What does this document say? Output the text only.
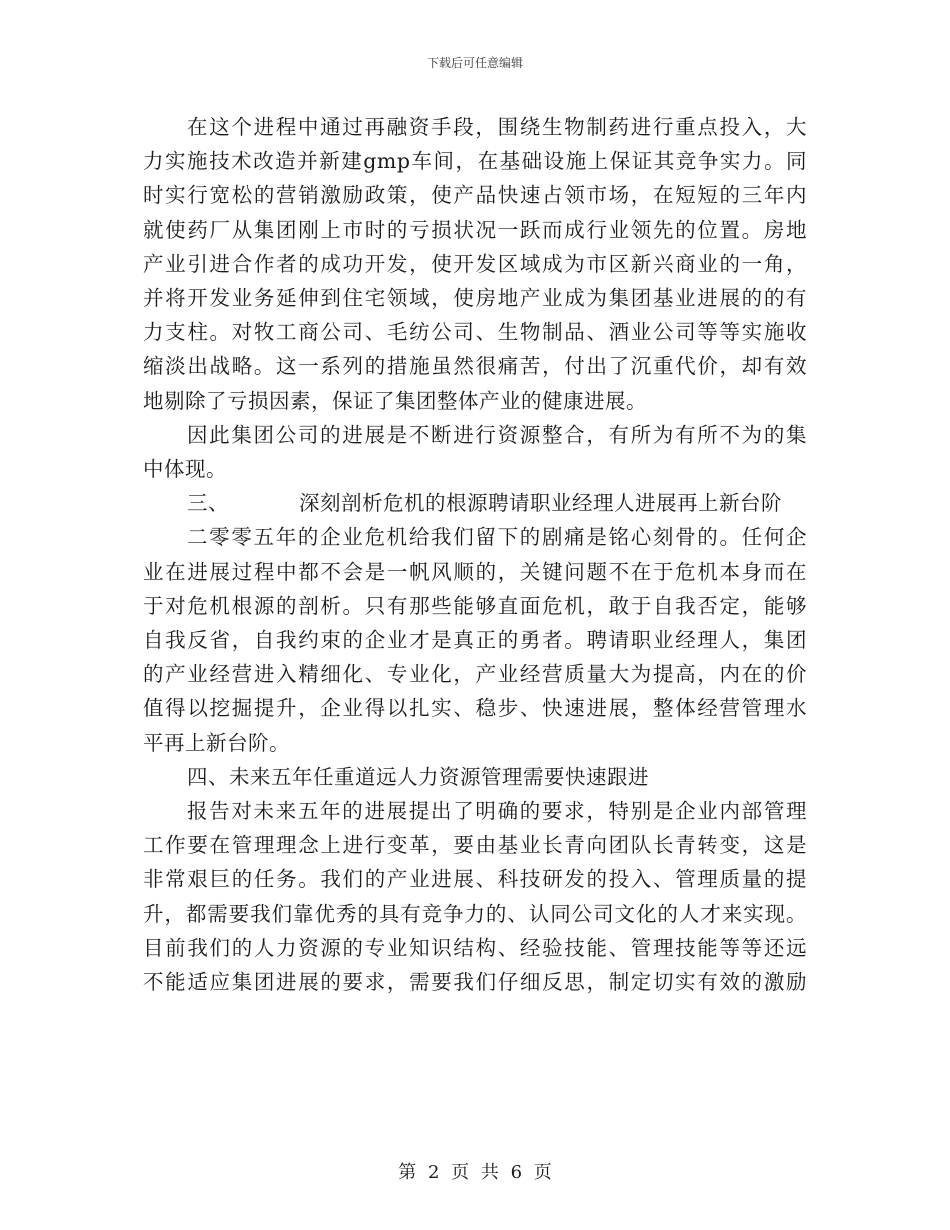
下载后可任意编辑
在这个进程中通过再融资手段，围绕生物制药进行重点投入，大
力实施技术改造并新建gmp车间，在基础设施上保证其竞争实力。同
时实行宽松的营销激励政策，使产品快速占领市场，在短短的三年内
就使药厂从集团刚上市时的亏损状况一跃而成行业领先的位置。房地
产业引进合作者的成功开发，使开发区域成为市区新兴商业的一角，
并将开发业务延伸到住宅领域，使房地产业成为集团基业进展的的有
力支柱。对牧工商公司、毛纺公司、生物制品、酒业公司等等实施收
缩淡出战略。这一系列的措施虽然很痛苦，付出了沉重代价，却有效
地剔除了亏损因素，保证了集团整体产业的健康进展。
因此集团公司的进展是不断进行资源整合，有所为有所不为的集
中体现。
三、	深刻剖析危机的根源聘请职业经理人进展再上新台阶
二零零五年的企业危机给我们留下的剧痛是铭心刻骨的。任何企
业在进展过程中都不会是一帆风顺的，关键问题不在于危机本身而在
于对危机根源的剖析。只有那些能够直面危机，敢于自我否定，能够
自我反省，自我约束的企业才是真正的勇者。聘请职业经理人，集团
的产业经营进入精细化、专业化，产业经营质量大为提高，内在的价
值得以挖掘提升，企业得以扎实、稳步、快速进展，整体经营管理水
平再上新台阶。
四、未来五年任重道远人力资源管理需要快速跟进
报告对未来五年的进展提出了明确的要求，特别是企业内部管理
工作要在管理理念上进行变革，要由基业长青向团队长青转变，这是
非常艰巨的任务。我们的产业进展、科技研发的投入、管理质量的提
升，都需要我们靠优秀的具有竞争力的、认同公司文化的人才来实现。
目前我们的人力资源的专业知识结构、经验技能、管理技能等等还远
不能适应集团进展的要求，需要我们仔细反思，制定切实有效的激励
第 2 页 共 6 页
